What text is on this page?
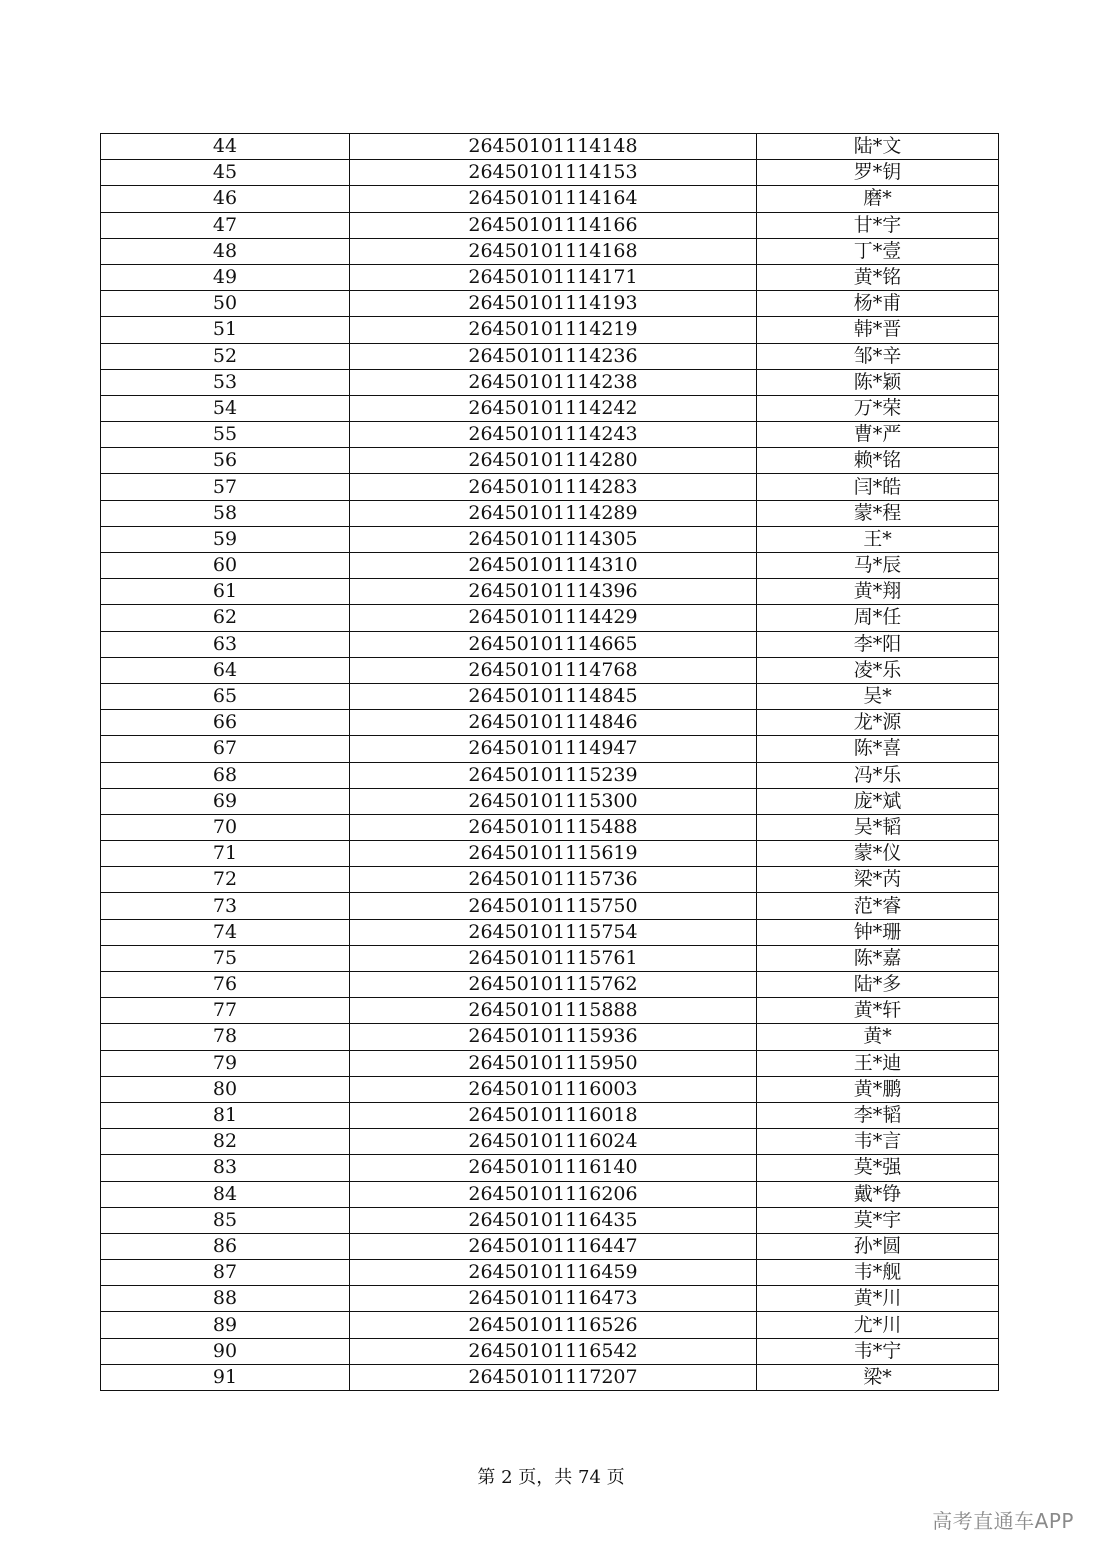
44	26450101114148	陆*文
45	26450101114153	罗*钥
46	26450101114164	磨*
47	26450101114166	甘*宇
48	26450101114168	丁*壹
49	26450101114171	黄*铭
50	26450101114193	杨*甫
51	26450101114219	韩*晋
52	26450101114236	邹*辛
53	26450101114238	陈*颖
54	26450101114242	万*荣
55	26450101114243	曹*严
56	26450101114280	赖*铭
57	26450101114283	闫*皓
58	26450101114289	蒙*程
59	26450101114305	王*
60	26450101114310	马*辰
61	26450101114396	黄*翔
62	26450101114429	周*任
63	26450101114665	李*阳
64	26450101114768	凌*乐
65	26450101114845	吴*
66	26450101114846	龙*源
67	26450101114947	陈*喜
68	26450101115239	冯*乐
69	26450101115300	庞*斌
70	26450101115488	吴*韬
71	26450101115619	蒙*仪
72	26450101115736	梁*芮
73	26450101115750	范*睿
74	26450101115754	钟*珊
75	26450101115761	陈*嘉
76	26450101115762	陆*多
77	26450101115888	黄*轩
78	26450101115936	黄*
79	26450101115950	王*迪
80	26450101116003	黄*鹏
81	26450101116018	李*韬
82	26450101116024	韦*言
83	26450101116140	莫*强
84	26450101116206	戴*铮
85	26450101116435	莫*宇
86	26450101116447	孙*圆
87	26450101116459	韦*舰
88	26450101116473	黄*川
89	26450101116526	尤*川
90	26450101116542	韦*宁
91	26450101117207	梁*
第 2 页，共 74 页
高考直通车APP
